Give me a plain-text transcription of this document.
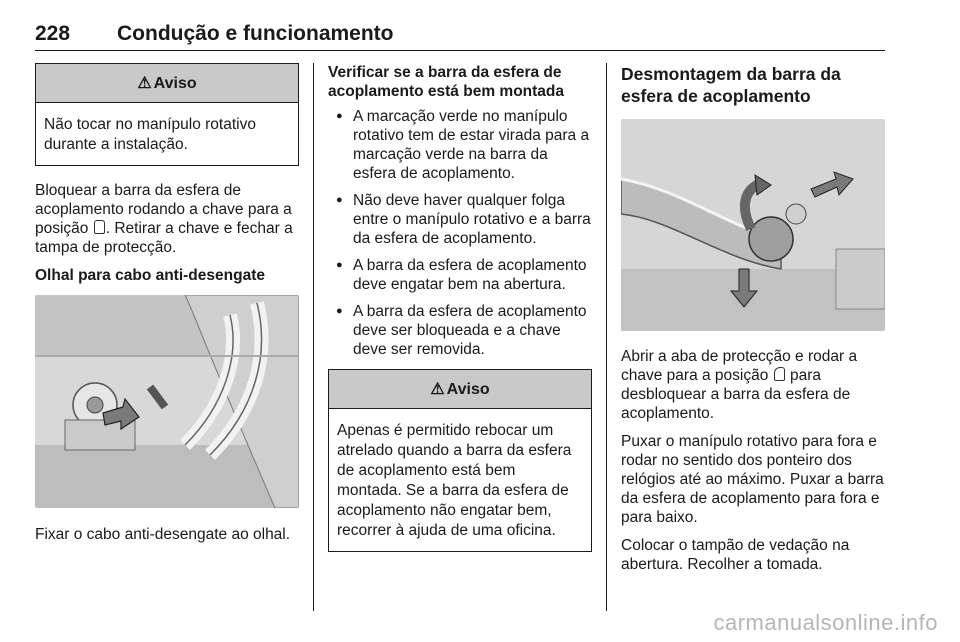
228 Condução e funcionamento
⚠ Aviso
Não tocar no manípulo rotativo durante a instalação.

Bloquear a barra da esfera de acoplamento rodando a chave para a posição . Retirar a chave e fechar a tampa de protecção.

Olhal para cabo anti-desengate

Fixar o cabo anti-desengate ao olhal.

Verificar se a barra da esfera de acoplamento está bem montada
● A marcação verde no manípulo rotativo tem de estar virada para a marcação verde na barra da esfera de acoplamento.
● Não deve haver qualquer folga entre o manípulo rotativo e a barra da esfera de acoplamento.
● A barra da esfera de acoplamento deve engatar bem na abertura.
● A barra da esfera de acoplamento deve ser bloqueada e a chave deve ser removida.
⚠ Aviso
Apenas é permitido rebocar um atrelado quando a barra da esfera de acoplamento está bem montada. Se a barra da esfera de acoplamento não engatar bem, recorrer à ajuda de uma oficina.
Desmontagem da barra da esfera de acoplamento

Abrir a aba de protecção e rodar a chave para a posição  para desbloquear a barra da esfera de acoplamento.

Puxar o manípulo rotativo para fora e rodar no sentido dos ponteiro dos relógios até ao máximo. Puxar a barra da esfera de acoplamento para fora e para baixo.

Colocar o tampão de vedação na abertura. Recolher a tomada.

carmanualsonline.info
